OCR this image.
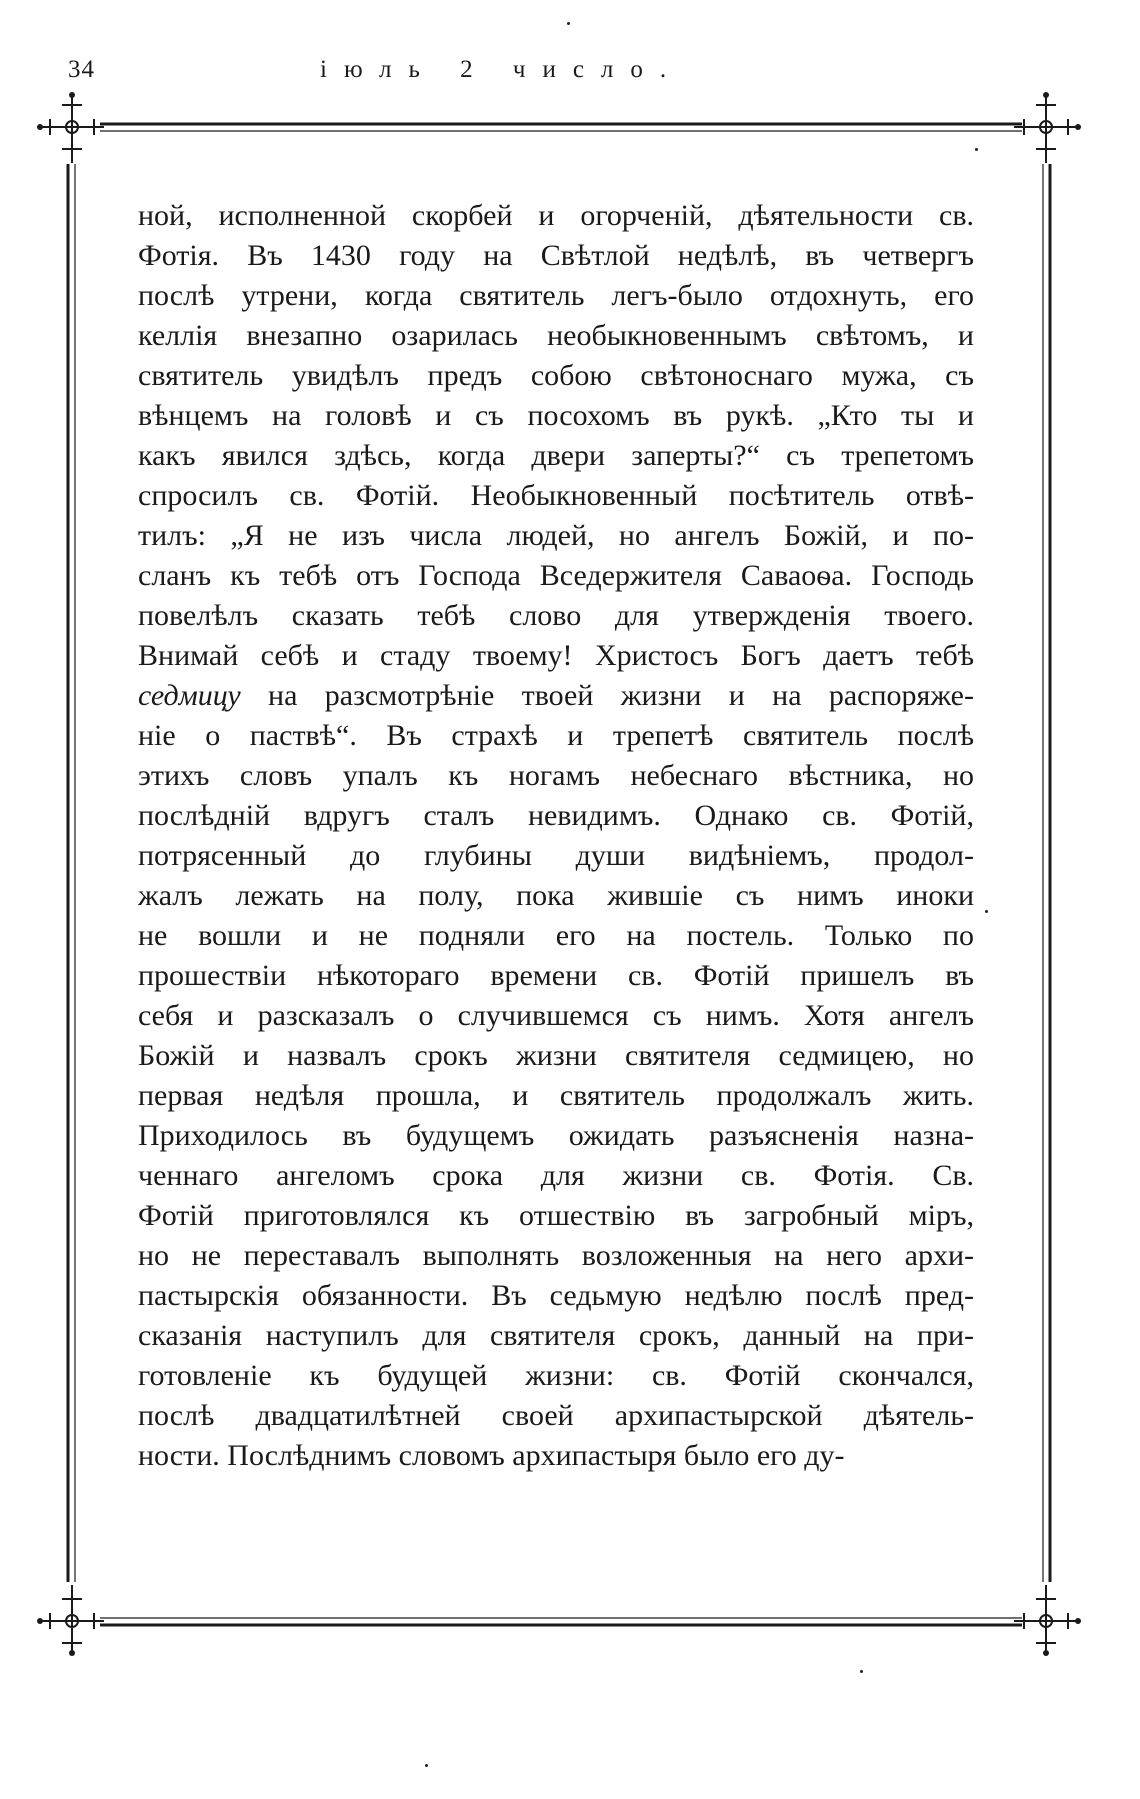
34	іюль 2 число.
ной, исполненной скорбей и огорченій, дѣятельности св.
Фотія. Въ 1430 году на Свѣтлой недѣлѣ, въ четвергъ
послѣ утрени, когда святитель легъ-было отдохнуть, его
келлія внезапно озарилась необыкновеннымъ свѣтомъ, и
святитель увидѣлъ предъ собою свѣтоноснаго мужа, съ
вѣнцемъ на головѣ и съ посохомъ въ рукѣ. „Кто ты и
какъ явился здѣсь, когда двери заперты?“ съ трепетомъ
спросилъ св. Фотій. Необыкновенный посѣтитель отвѣ-
тилъ: „Я не изъ числа людей, но ангелъ Божій, и по-
сланъ къ тебѣ отъ Господа Вседержителя Саваоѳа. Господь
повелѣлъ сказать тебѣ слово для утвержденія твоего.
Внимай себѣ и стаду твоему! Христосъ Богъ даетъ тебѣ
седмицу на разсмотрѣніе твоей жизни и на распоряже-
ніе о паствѣ“. Въ страхѣ и трепетѣ святитель послѣ
этихъ словъ упалъ къ ногамъ небеснаго вѣстника, но
послѣдній вдругъ сталъ невидимъ. Однако св. Фотій,
потрясенный до глубины души видѣніемъ, продол-
жалъ лежать на полу, пока жившіе съ нимъ иноки
не вошли и не подняли его на постель. Только по
прошествіи нѣкотораго времени св. Фотій пришелъ въ
себя и разсказалъ о случившемся съ нимъ. Хотя ангелъ
Божій и назвалъ срокъ жизни святителя седмицею, но
первая недѣля прошла, и святитель продолжалъ жить.
Приходилось въ будущемъ ожидать разъясненія назна-
ченнаго ангеломъ срока для жизни св. Фотія. Св.
Фотій приготовлялся къ отшествію въ загробный міръ,
но не переставалъ выполнять возложенныя на него архи-
пастырскія обязанности. Въ седьмую недѣлю послѣ пред-
сказанія наступилъ для святителя срокъ, данный на при-
готовленіе къ будущей жизни: св. Фотій скончался,
послѣ двадцатилѣтней своей архипастырской дѣятель-
ности. Послѣднимъ словомъ архипастыря было его ду-
